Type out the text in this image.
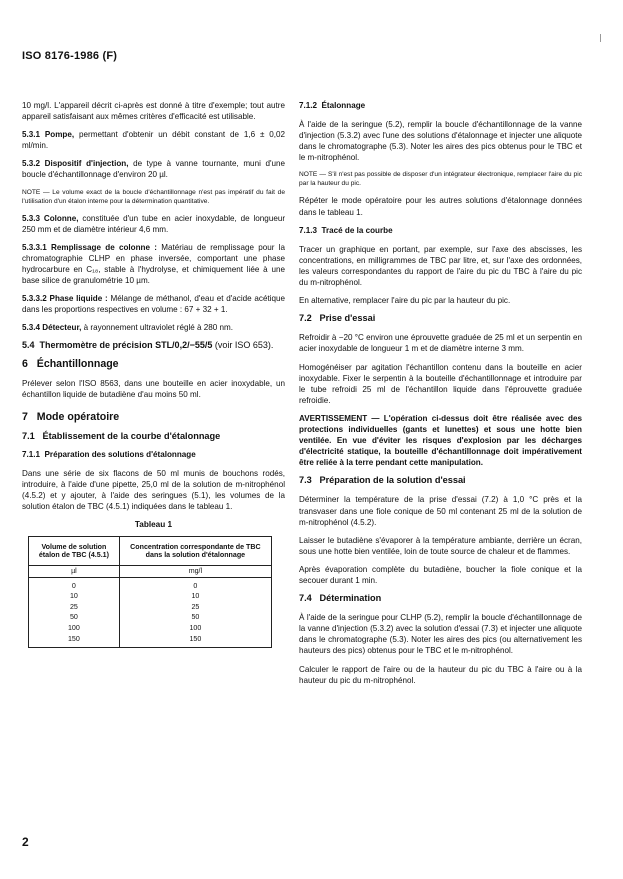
ISO 8176-1986 (F)

10 mg/l. L'appareil décrit ci-après est donné à titre d'exemple; tout autre appareil satisfaisant aux mêmes critères d'efficacité est utilisable.

5.3.1 Pompe, permettant d'obtenir un débit constant de 1,6 ± 0,02 ml/min.

5.3.2 Dispositif d'injection, de type à vanne tournante, muni d'une boucle d'échantillonnage d'environ 20 µl.

NOTE — Le volume exact de la boucle d'échantillonnage n'est pas impératif du fait de l'utilisation d'un étalon interne pour la détermination quantitative.

5.3.3 Colonne, constituée d'un tube en acier inoxydable, de longueur 250 mm et de diamètre intérieur 4,6 mm.

5.3.3.1 Remplissage de colonne : Matériau de remplissage pour la chromatographie CLHP en phase inversée, comportant une phase hydrocarbure en C₁₈, stable à l'hydrolyse, et chimiquement liée à une base silice de granulométrie 10 µm.

5.3.3.2 Phase liquide : Mélange de méthanol, d'eau et d'acide acétique dans les proportions respectives en volume : 67 + 32 + 1.

5.3.4 Détecteur, à rayonnement ultraviolet réglé à 280 nm.

5.4 Thermomètre de précision STL/0,2/−55/5 (voir ISO 653).

6 Échantillonnage

Prélever selon l'ISO 8563, dans une bouteille en acier inoxydable, un échantillon liquide de butadiène d'au moins 50 ml.

7 Mode opératoire
7.1 Établissement de la courbe d'étalonnage

7.1.1 Préparation des solutions d'étalonnage

Dans une série de six flacons de 50 ml munis de bouchons rodés, introduire, à l'aide d'une pipette, 25,0 ml de la solution de m-nitrophénol (4.5.2) et y ajouter, à l'aide des seringues (5.1), les volumes de la solution étalon de TBC (4.5.1) indiquées dans le tableau 1.

Tableau 1
Volume de solution étalon de TBC (4.5.1)	Concentration correspondante de TBC dans la solution d'étalonnage
µl	mg/l
0	0
10	10
25	25
50	50
100	100
150	150

7.1.2 Étalonnage

À l'aide de la seringue (5.2), remplir la boucle d'échantillonnage de la vanne d'injection (5.3.2) avec l'une des solutions d'étalonnage et injecter une aliquote dans le chromatographe (5.3). Noter les aires des pics obtenus pour le TBC et le m-nitrophénol.

NOTE — S'il n'est pas possible de disposer d'un intégrateur électronique, remplacer l'aire du pic par la hauteur du pic.

Répéter le mode opératoire pour les autres solutions d'étalonnage données dans le tableau 1.

7.1.3 Tracé de la courbe

Tracer un graphique en portant, par exemple, sur l'axe des abscisses, les concentrations, en milligrammes de TBC par litre, et, sur l'axe des ordonnées, les valeurs correspondantes du rapport de l'aire du pic du TBC à l'aire du pic du m-nitrophénol.

En alternative, remplacer l'aire du pic par la hauteur du pic.

7.2 Prise d'essai

Refroidir à −20 °C environ une éprouvette graduée de 25 ml et un serpentin en acier inoxydable de longueur 1 m et de diamètre interne 3 mm.

Homogénéiser par agitation l'échantillon contenu dans la bouteille en acier inoxydable. Fixer le serpentin à la bouteille d'échantillonnage et introduire par le tube refroidi 25 ml de l'échantillon liquide dans l'éprouvette graduée refroidie.

AVERTISSEMENT — L'opération ci-dessus doit être réalisée avec des protections individuelles (gants et lunettes) et sous une hotte bien ventilée. En vue d'éviter les risques d'explosion par les décharges d'électricité statique, la bouteille d'échantillonnage doit impérativement être reliée à la terre pendant cette manipulation.

7.3 Préparation de la solution d'essai

Déterminer la température de la prise d'essai (7.2) à 1,0 °C près et la transvaser dans une fiole conique de 50 ml contenant 25 ml de la solution de m-nitrophénol (4.5.2).

Laisser le butadiène s'évaporer à la température ambiante, derrière un écran, sous une hotte bien ventilée, loin de toute source de chaleur et de flammes.

Après évaporation complète du butadiène, boucher la fiole conique et la secouer durant 1 min.

7.4 Détermination

À l'aide de la seringue pour CLHP (5.2), remplir la boucle d'échantillonnage de la vanne d'injection (5.3.2) avec la solution d'essai (7.3) et injecter une aliquote dans le chromatographe (5.3). Noter les aires des pics (ou alternativement les hauteurs des pics) obtenus pour le TBC et le m-nitrophénol.

Calculer le rapport de l'aire ou de la hauteur du pic du TBC à l'aire ou à la hauteur du pic du m-nitrophénol.

2
